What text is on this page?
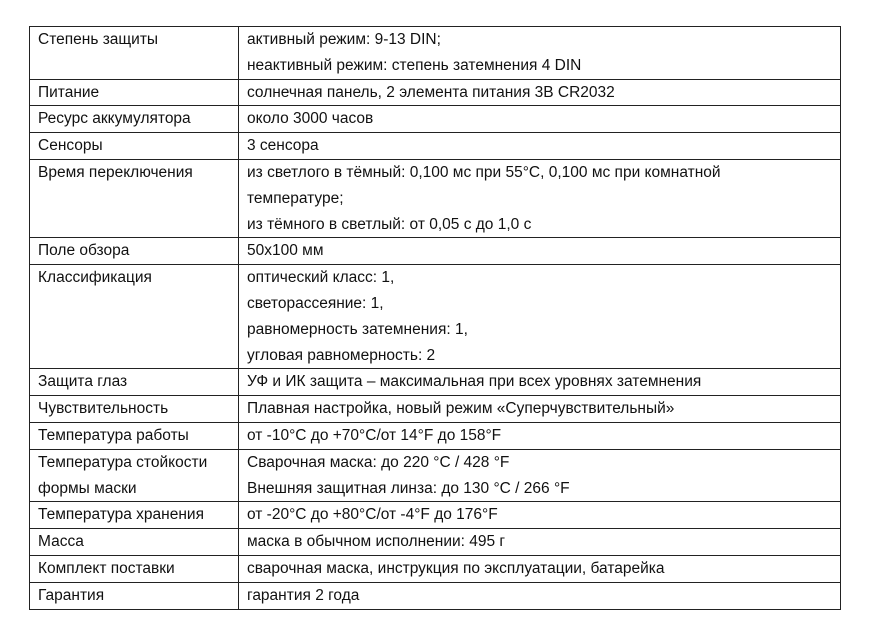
Степень защиты	активный режим: 9-13 DIN;
неактивный режим: степень затемнения 4 DIN

Питание	солнечная панель, 2 элемента питания 3В CR2032

Ресурс аккумулятора	около 3000 часов

Сенсоры	3 сенсора

Время переключения	из светлого в тёмный: 0,100 мс при 55°С, 0,100 мс при комнатной
температуре;
из тёмного в светлый: от 0,05 с до 1,0 с

Поле обзора	50х100 мм

Классификация	оптический класс: 1,
светорассеяние: 1,
равномерность затемнения: 1,
угловая равномерность: 2

Защита глаз	УФ и ИК защита – максимальная при всех уровнях затемнения

Чувствительность	Плавная настройка, новый режим «Суперчувствительный»

Температура работы	от -10°С до +70°С/от 14°F до 158°F

Температура стойкости
формы маски	Сварочная маска: до 220 °С / 428 °F
Внешняя защитная линза: до 130 °С / 266 °F

Температура хранения	от -20°С до +80°С/от -4°F до 176°F

Масса	маска в обычном исполнении: 495 г

Комплект поставки	сварочная маска, инструкция по эксплуатации, батарейка

Гарантия	гарантия 2 года
